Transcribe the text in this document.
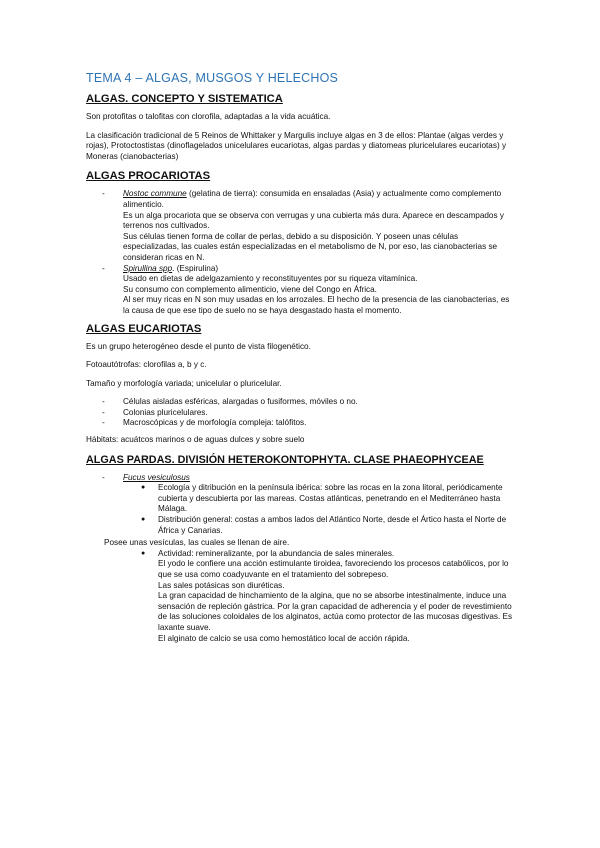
TEMA 4 – ALGAS, MUSGOS Y HELECHOS
ALGAS. CONCEPTO Y SISTEMATICA
Son protofitas o talofitas con clorofila, adaptadas a la vida acuática.
La clasificación tradicional de 5 Reinos de Whittaker y Margulis incluye algas en 3 de ellos: Plantae (algas verdes y rojas), Protoctostistas (dinoflagelados unicelulares eucariotas, algas pardas y diatomeas pluricelulares eucariotas) y Moneras (cianobacterias)
ALGAS PROCARIOTAS
- Nostoc commune (gelatina de tierra): consumida en ensaladas (Asia) y actualmente como complemento alimenticio.
Es un alga procariota que se observa con verrugas y una cubierta más dura. Aparece en descampados y terrenos nos cultivados.
Sus células tienen forma de collar de perlas, debido a su disposición. Y poseen unas células especializadas, las cuales están especializadas en el metabolismo de N, por eso, las cianobacterias se consideran ricas en N.
- Spirullina spp. (Espirulina)
Usado en dietas de adelgazamiento y reconstituyentes por su riqueza vitamínica.
Su consumo con complemento alimenticio, viene del Congo en África.
Al ser muy ricas en N son muy usadas en los arrozales. El hecho de la presencia de las cianobacterias, es la causa de que ese tipo de suelo no se haya desgastado hasta el momento.
ALGAS EUCARIOTAS
Es un grupo heterogéneo desde el punto de vista filogenético.
Fotoautótrofas: clorofilas a, b y c.
Tamaño y morfología variada; unicelular o pluricelular.
- Células aisladas esféricas, alargadas o fusiformes, móviles o no.
- Colonias pluricelulares.
- Macroscópicas y de morfología compleja: talófitos.
Hábitats: acuátcos marinos o de aguas dulces y sobre suelo
ALGAS PARDAS. DIVISIÓN HETEROKONTOPHYTA. CLASE PHAEOPHYCEAE
- Fucus vesiculosus
● Ecología y ditribución en la península ibérica: sobre las rocas en la zona litoral, periódicamente cubierta y descubierta por las mareas. Costas atlánticas, penetrando en el Mediterráneo hasta Málaga.
● Distribución general: costas a ambos lados del Atlántico Norte, desde el Ártico hasta el Norte de África y Canarias.
Posee unas vesículas, las cuales se llenan de aire.
● Actividad: remineralizante, por la abundancia de sales minerales.
El yodo le confiere una acción estimulante tiroidea, favoreciendo los procesos catabólicos, por lo que se usa como coadyuvante en el tratamiento del sobrepeso.
Las sales potásicas son diuréticas.
La gran capacidad de hinchamiento de la algina, que no se absorbe intestinalmente, induce una sensación de repleción gástrica. Por la gran capacidad de adherencia y el poder de revestimiento de las soluciones coloidales de los alginatos, actúa como protector de las mucosas digestivas. Es laxante suave.
El alginato de calcio se usa como hemostático local de acción rápida.
